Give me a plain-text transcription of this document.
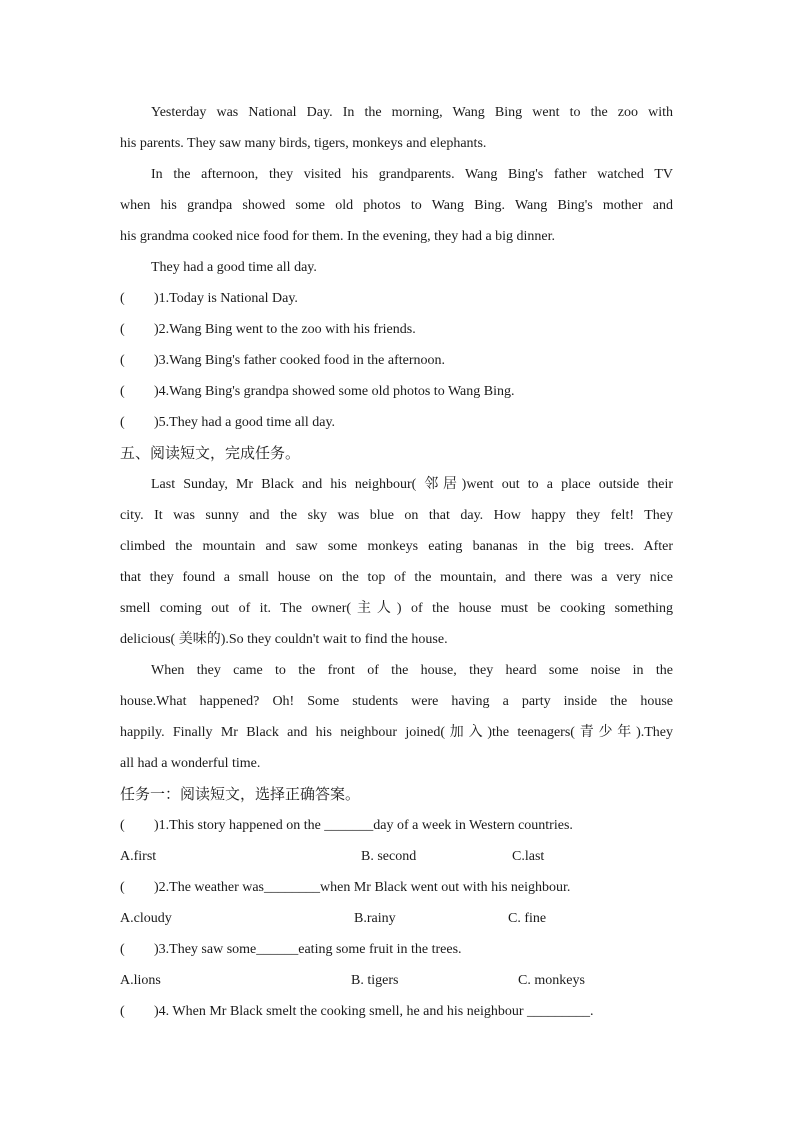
Yesterday was National Day. In the morning, Wang Bing went to the zoo with
his parents. They saw many birds, tigers, monkeys and elephants.
In the afternoon, they visited his grandparents. Wang Bing's father watched TV
when his grandpa showed some old photos to Wang Bing. Wang Bing's mother and
his grandma cooked nice food for them. In the evening, they had a big dinner.
They had a good time all day.
( )1.Today is National Day.
( )2.Wang Bing went to the zoo with his friends.
( )3.Wang Bing's father cooked food in the afternoon.
( )4.Wang Bing's grandpa showed some old photos to Wang Bing.
( )5.They had a good time all day.
五、阅读短文，完成任务。
Last Sunday, Mr Black and his neighbour( 邻居)went out to a place outside their
city. It was sunny and the sky was blue on that day. How happy they felt! They
climbed the mountain and saw some monkeys eating bananas in the big trees. After
that they found a small house on the top of the mountain, and there was a very nice
smell coming out of it. The owner(主人) of the house must be cooking something
delicious( 美味的).So they couldn't wait to find the house.
When they came to the front of the house, they heard some noise in the
house.What happened? Oh! Some students were having a party inside the house
happily. Finally Mr Black and his neighbour joined(加入)the teenagers(青少年).They
all had a wonderful time.
任务一：阅读短文，选择正确答案。
( )1.This story happened on the _______day of a week in Western countries.
A.first	B. second	C.last
( )2.The weather was________when Mr Black went out with his neighbour.
A.cloudy	B.rainy	C. fine
( )3.They saw some______eating some fruit in the trees.
A.lions	B. tigers	C. monkeys
( )4. When Mr Black smelt the cooking smell, he and his neighbour _________.
